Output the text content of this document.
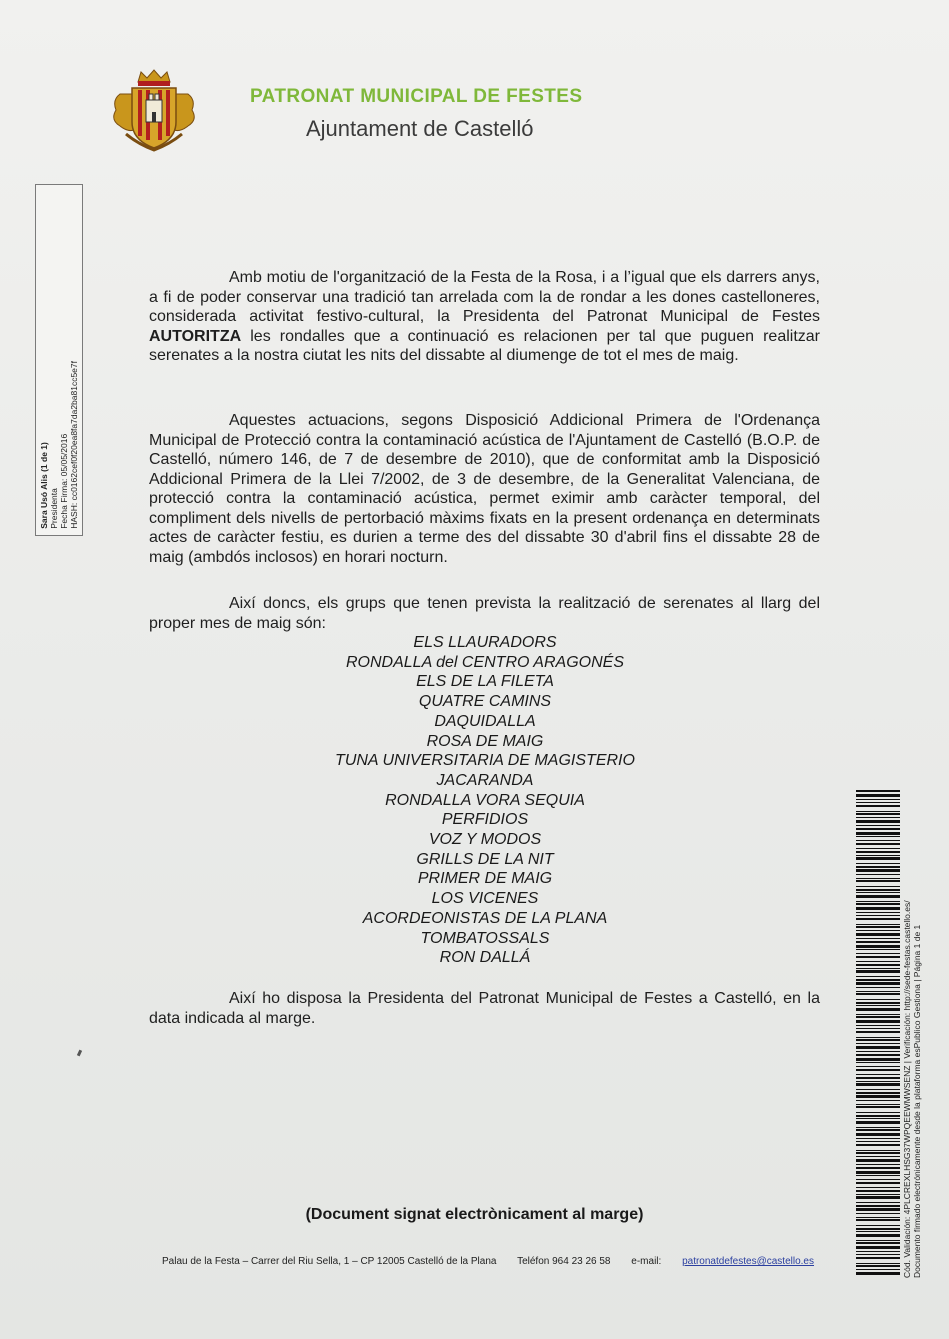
PATRONAT MUNICIPAL DE FESTES
Ajuntament de Castelló
Sara Usó Alis (1 de 1) Presidenta Fecha Firma: 05/05/2016 HASH: cc0162cef0f20ea8fa7da2ba81cc5e7f
Amb motiu de l'organització de la Festa de la Rosa, i a l’igual que els darrers anys, a fi de poder conservar una tradició tan arrelada com la de rondar a les dones castelloneres, considerada activitat festivo-cultural, la Presidenta del Patronat Municipal de Festes AUTORITZA les rondalles que a continuació es relacionen per tal que puguen realitzar serenates a la nostra ciutat les nits del dissabte al diumenge de tot el mes de maig.
Aquestes actuacions, segons Disposició Addicional Primera de l'Ordenança Municipal de Protecció contra la contaminació acústica de l'Ajuntament de Castelló (B.O.P. de Castelló, número 146, de 7 de desembre de 2010), que de conformitat amb la Disposició Addicional Primera de la Llei 7/2002, de 3 de desembre, de la Generalitat Valenciana, de protecció contra la contaminació acústica, permet eximir amb caràcter temporal, del compliment dels nivells de pertorbació màxims fixats en la present ordenança en determinats actes de caràcter festiu, es durien a terme des del dissabte 30 d'abril fins el dissabte 28 de maig (ambdós inclosos) en horari nocturn.
Així doncs, els grups que tenen prevista la realització de serenates al llarg del proper mes de maig són:
ELS LLAURADORS
RONDALLA del CENTRO ARAGONÉS
ELS DE LA FILETA
QUATRE CAMINS
DAQUIDALLA
ROSA DE MAIG
TUNA UNIVERSITARIA DE MAGISTERIO
JACARANDA
RONDALLA VORA SEQUIA
PERFIDIOS
VOZ Y MODOS
GRILLS DE LA NIT
PRIMER DE MAIG
LOS VICENES
ACORDEONISTAS DE LA PLANA
TOMBATOSSALS
RON DALLÁ
Així ho disposa la Presidenta del Patronat Municipal de Festes a Castelló, en la data indicada al marge.
(Document signat electrònicament al marge)
Palau de la Festa – Carrer del Riu Sella, 1 – CP 12005 Castelló de la Plana Teléfon 964 23 26 58 e-mail: patronatdefestes@castello.es	Cód. Validación: 4PLCREXLHSG37WPQEEWMWSENZ | Verificación: http://sede-festas.castello.es/ Documento firmado electrónicamente desde la plataforma esPublico Gestiona | Página 1 de 1
